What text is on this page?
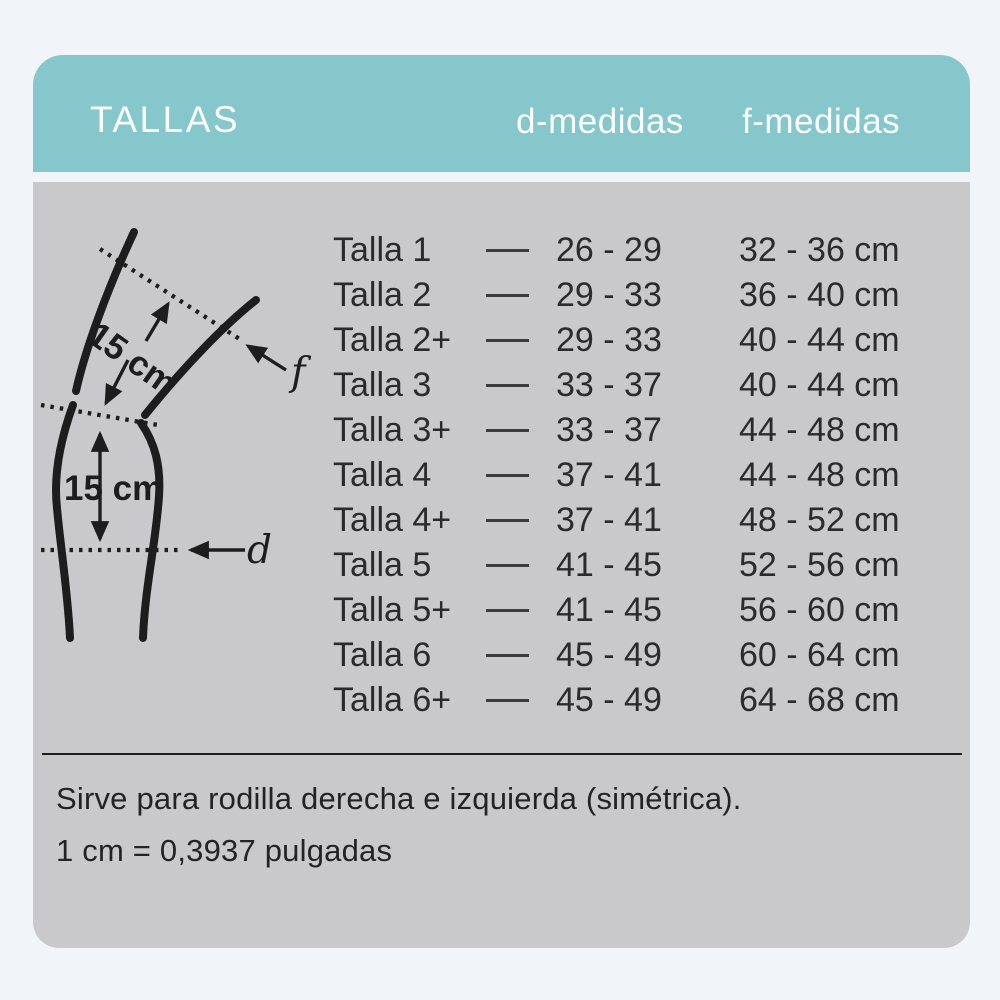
TALLAS	d-medidas f-medidas
15 cm
15 cm
f
d
Talla 1	26 - 29	32 - 36 cm
Talla 2	29 - 33	36 - 40 cm
Talla 2+	29 - 33	40 - 44 cm
Talla 3	33 - 37	40 - 44 cm
Talla 3+	33 - 37	44 - 48 cm
Talla 4	37 - 41	44 - 48 cm
Talla 4+	37 - 41	48 - 52 cm
Talla 5	41 - 45	52 - 56 cm
Talla 5+	41 - 45	56 - 60 cm
Talla 6	45 - 49	60 - 64 cm
Talla 6+	45 - 49	64 - 68 cm

Sirve para rodilla derecha e izquierda (simétrica).

1 cm = 0,3937 pulgadas
